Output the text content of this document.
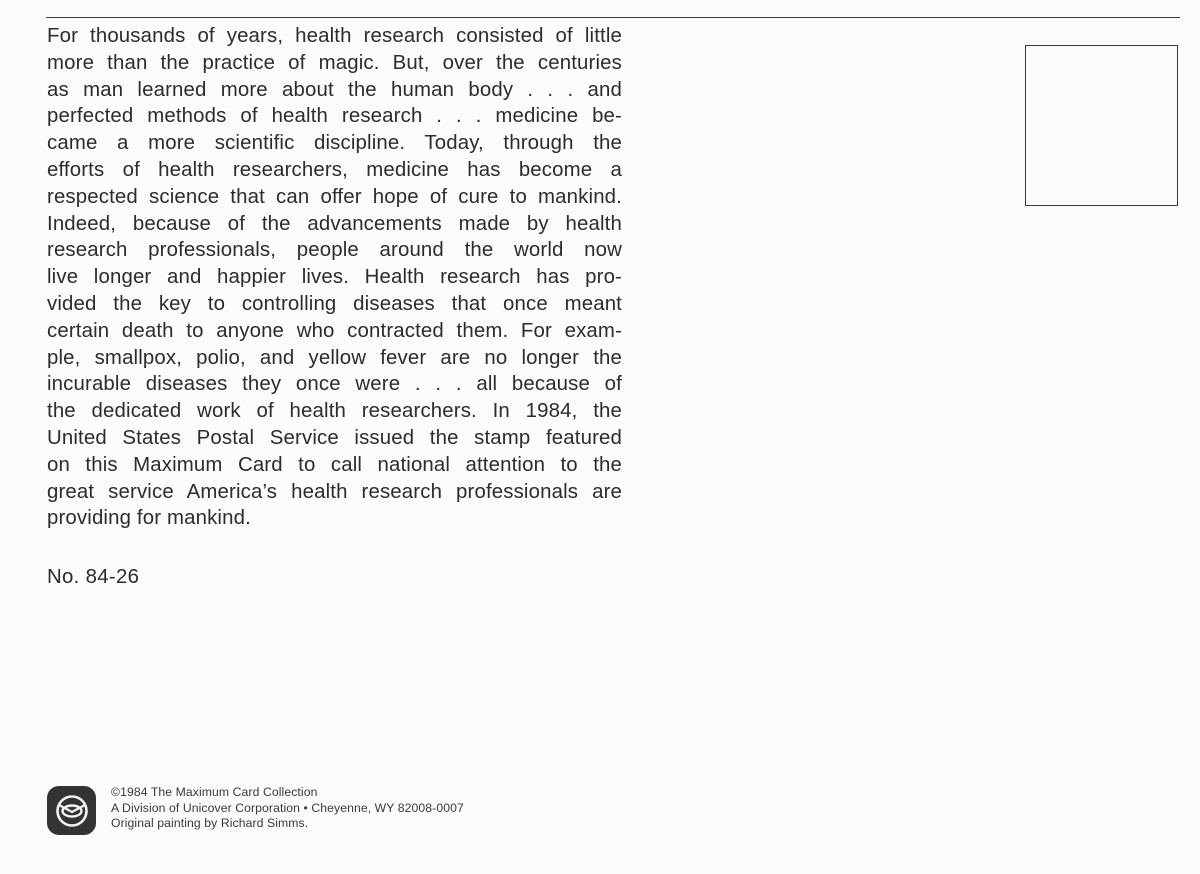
For thousands of years, health research consisted of little
more than the practice of magic. But, over the centuries
as man learned more about the human body . . . and
perfected methods of health research . . . medicine be-
came a more scientific discipline. Today, through the
efforts of health researchers, medicine has become a
respected science that can offer hope of cure to mankind.
Indeed, because of the advancements made by health
research professionals, people around the world now
live longer and happier lives. Health research has pro-
vided the key to controlling diseases that once meant
certain death to anyone who contracted them. For exam-
ple, smallpox, polio, and yellow fever are no longer the
incurable diseases they once were . . . all because of
the dedicated work of health researchers. In 1984, the
United States Postal Service issued the stamp featured
on this Maximum Card to call national attention to the
great service America’s health research professionals are
providing for mankind.
No. 84-26
©1984 The Maximum Card Collection
A Division of Unicover Corporation • Cheyenne, WY 82008-0007
Original painting by Richard Simms.
